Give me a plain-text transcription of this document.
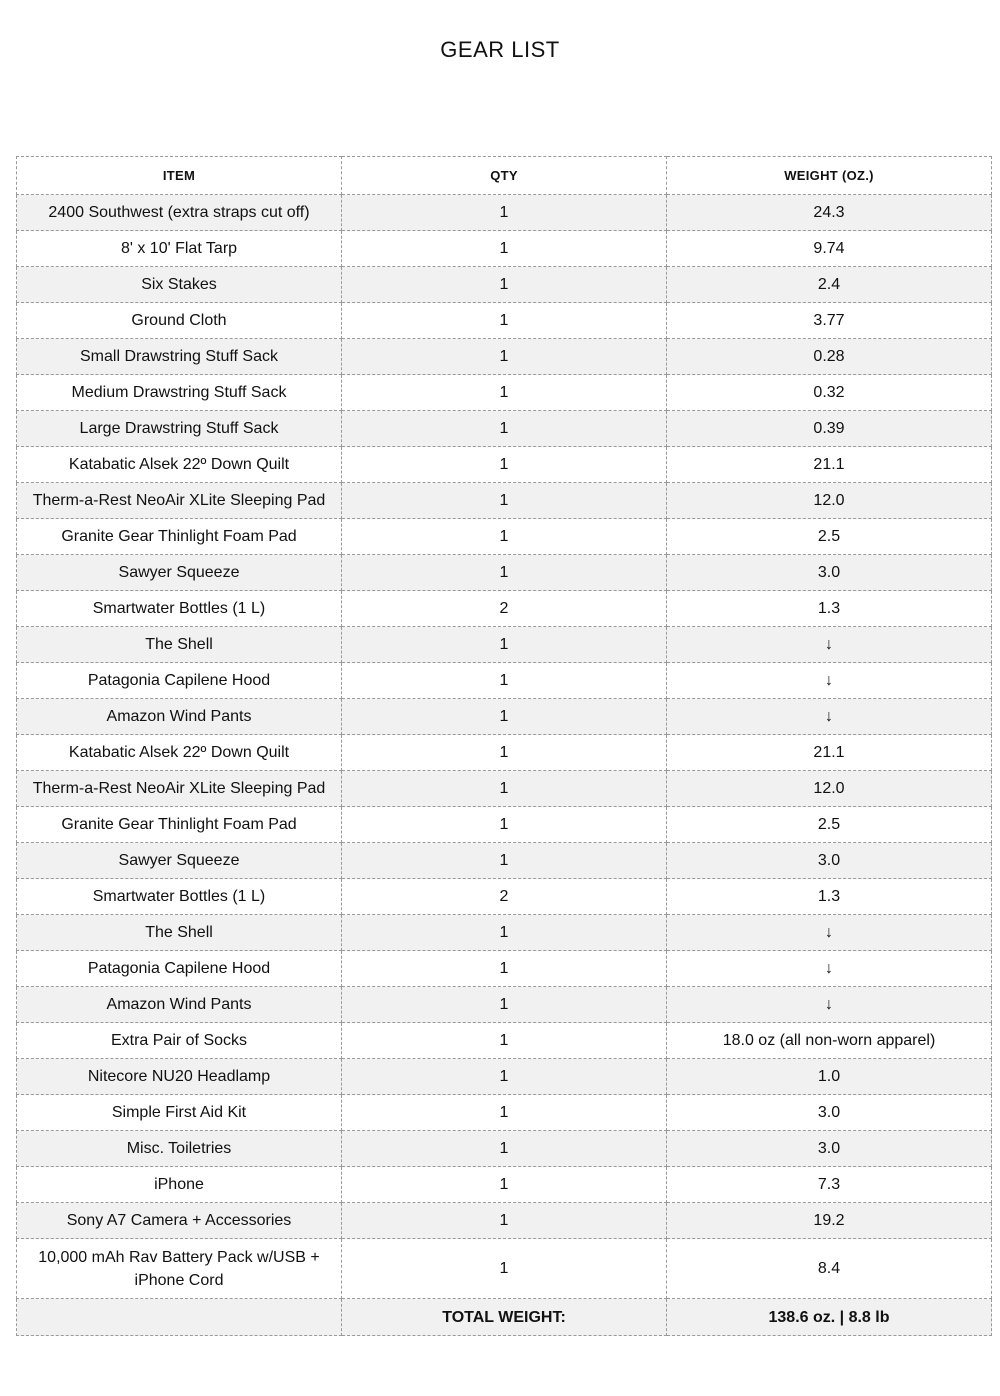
GEAR LIST
ITEM	QTY	WEIGHT (OZ.)
2400 Southwest (extra straps cut off)	1	24.3
8' x 10' Flat Tarp	1	9.74
Six Stakes	1	2.4
Ground Cloth	1	3.77
Small Drawstring Stuff Sack	1	0.28
Medium Drawstring Stuff Sack	1	0.32
Large Drawstring Stuff Sack	1	0.39
Katabatic Alsek 22º Down Quilt	1	21.1
Therm-a-Rest NeoAir XLite Sleeping Pad	1	12.0
Granite Gear Thinlight Foam Pad	1	2.5
Sawyer Squeeze	1	3.0
Smartwater Bottles (1 L)	2	1.3
The Shell	1	↓
Patagonia Capilene Hood	1	↓
Amazon Wind Pants	1	↓
Katabatic Alsek 22º Down Quilt	1	21.1
Therm-a-Rest NeoAir XLite Sleeping Pad	1	12.0
Granite Gear Thinlight Foam Pad	1	2.5
Sawyer Squeeze	1	3.0
Smartwater Bottles (1 L)	2	1.3
The Shell	1	↓
Patagonia Capilene Hood	1	↓
Amazon Wind Pants	1	↓
Extra Pair of Socks	1	18.0 oz (all non-worn apparel)
Nitecore NU20 Headlamp	1	1.0
Simple First Aid Kit	1	3.0
Misc. Toiletries	1	3.0
iPhone	1	7.3
Sony A7 Camera + Accessories	1	19.2
10,000 mAh Rav Battery Pack w/USB + iPhone Cord	1	8.4
	TOTAL WEIGHT:	138.6 oz. | 8.8 lb
